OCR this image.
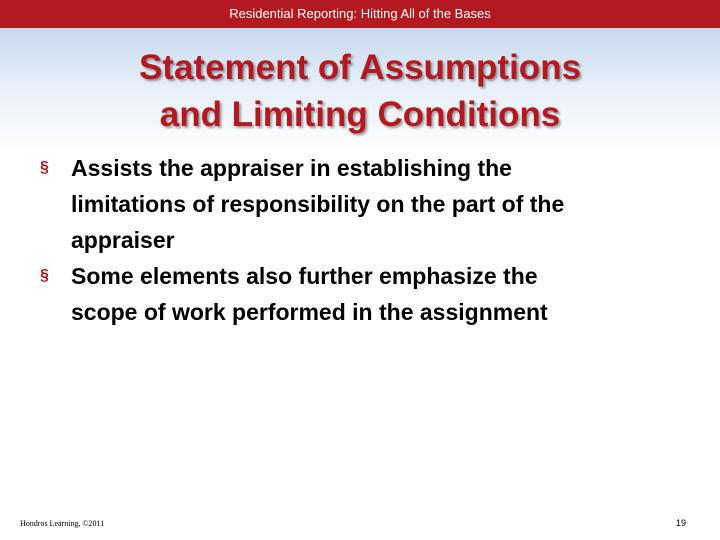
Residential Reporting: Hitting All of the Bases
Statement of Assumptions
and Limiting Conditions
§ Assists the appraiser in establishing the
limitations of responsibility on the part of the
appraiser
§ Some elements also further emphasize the
scope of work performed in the assignment
Hondros Learning, ©2011	19
